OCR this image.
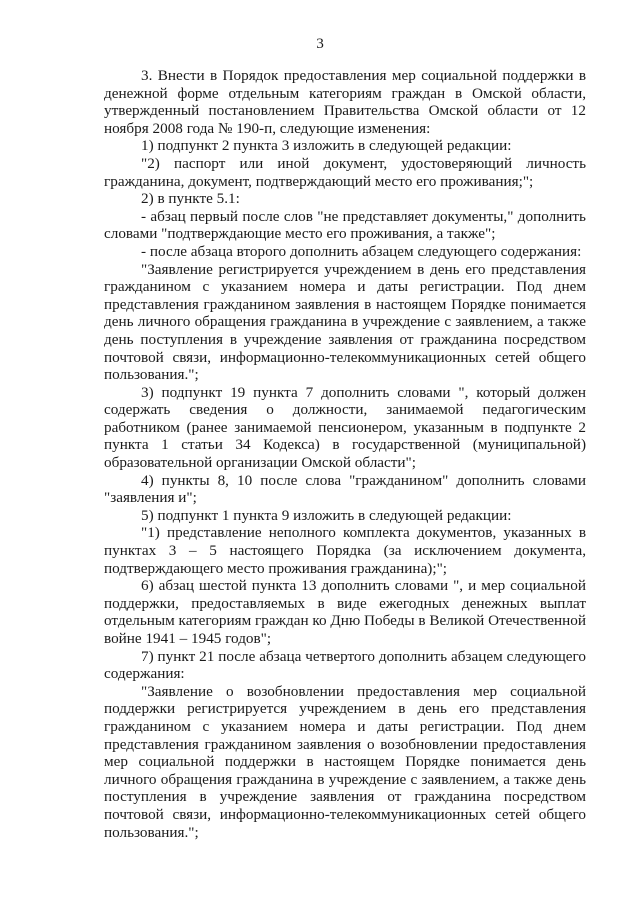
3

3. Внести в Порядок предоставления мер социальной поддержки в денежной форме отдельным категориям граждан в Омской области, утвержденный постановлением Правительства Омской области от 12 ноября 2008 года № 190-п, следующие изменения:

1) подпункт 2 пункта 3 изложить в следующей редакции:

"2) паспорт или иной документ, удостоверяющий личность гражданина, документ, подтверждающий место его проживания;";

2) в пункте 5.1:

- абзац первый после слов "не представляет документы," дополнить словами "подтверждающие место его проживания, а также";

- после абзаца второго дополнить абзацем следующего содержания:

"Заявление регистрируется учреждением в день его представления гражданином с указанием номера и даты регистрации. Под днем представления гражданином заявления в настоящем Порядке понимается день личного обращения гражданина в учреждение с заявлением, а также день поступления в учреждение заявления от гражданина посредством почтовой связи, информационно-телекоммуникационных сетей общего пользования.";

3) подпункт 19 пункта 7 дополнить словами ", который должен содержать сведения о должности, занимаемой педагогическим работником (ранее занимаемой пенсионером, указанным в подпункте 2 пункта 1 статьи 34 Кодекса) в государственной (муниципальной) образовательной организации Омской области";

4) пункты 8, 10 после слова "гражданином" дополнить словами "заявления и";

5) подпункт 1 пункта 9 изложить в следующей редакции:

"1) представление неполного комплекта документов, указанных в пунктах 3 – 5 настоящего Порядка (за исключением документа, подтверждающего место проживания гражданина);";

6) абзац шестой пункта 13 дополнить словами ", и мер социальной поддержки, предоставляемых в виде ежегодных денежных выплат отдельным категориям граждан ко Дню Победы в Великой Отечественной войне 1941 – 1945 годов";

7) пункт 21 после абзаца четвертого дополнить абзацем следующего содержания:

"Заявление о возобновлении предоставления мер социальной поддержки регистрируется учреждением в день его представления гражданином с указанием номера и даты регистрации. Под днем представления гражданином заявления о возобновлении предоставления мер социальной поддержки в настоящем Порядке понимается день личного обращения гражданина в учреждение с заявлением, а также день поступления в учреждение заявления от гражданина посредством почтовой связи, информационно-телекоммуникационных сетей общего пользования.";
